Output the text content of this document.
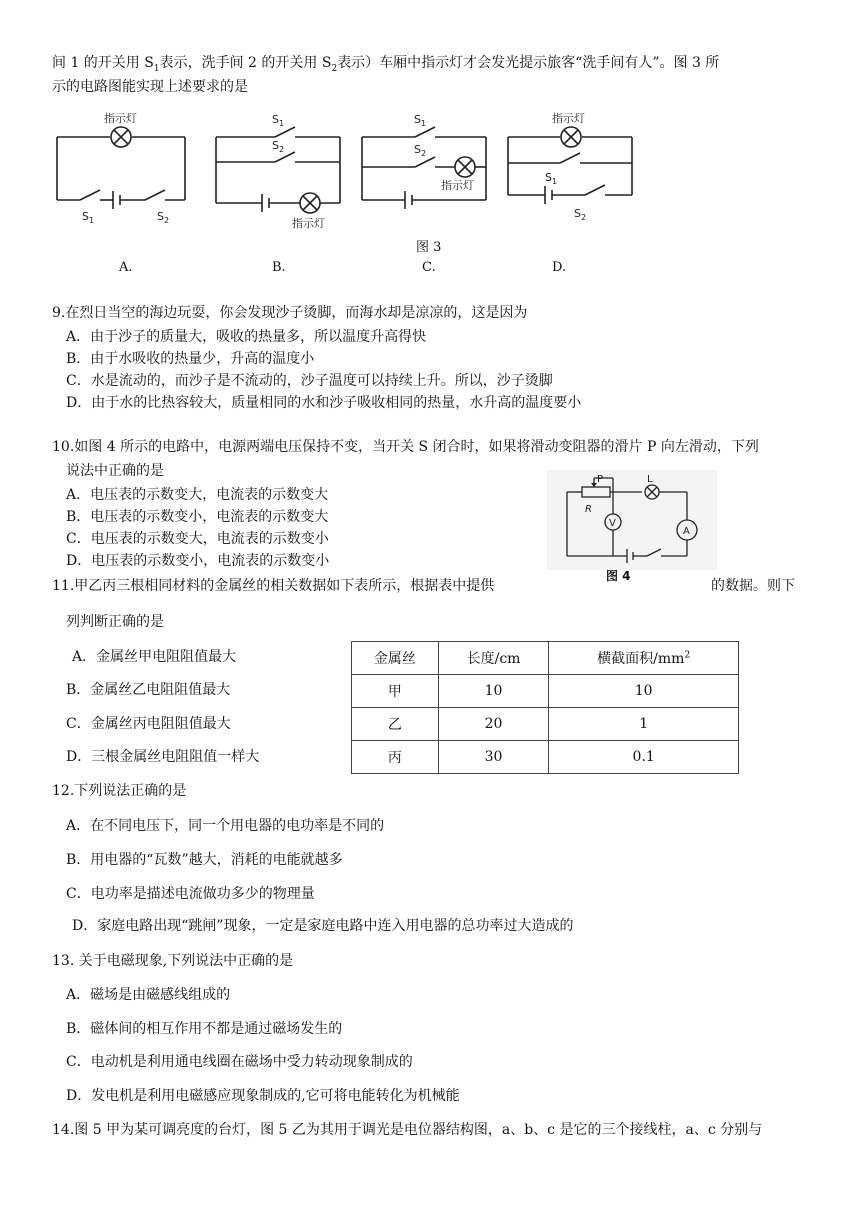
间 1 的开关用 $S_1$表示，洗手间 2 的开关用 $S_2$表示）车厢中指示灯才会发光提示旅客“洗手间有人”。图 3 所
示的电路图能实现上述要求的是
指示灯
$S_1$	$S_2$
$S_1$
$S_2$
指示灯
$S_1$
$S_2$
指示灯
指示灯
$S_1$
$S_2$
图 3
A.	B.	C.	D.
9.在烈日当空的海边玩耍，你会发现沙子烫脚，而海水却是凉凉的，这是因为
A．由于沙子的质量大，吸收的热量多，所以温度升高得快
B．由于水吸收的热量少，升高的温度小
C．水是流动的，而沙子是不流动的，沙子温度可以持续上升。所以，沙子烫脚
D．由于水的比热容较大，质量相同的水和沙子吸收相同的热量，水升高的温度要小
10.如图 4 所示的电路中，电源两端电压保持不变，当开关 S 闭合时，如果将滑动变阻器的滑片 P 向左滑动，下列
说法中正确的是
A．电压表的示数变大，电流表的示数变大
B．电压表的示数变小，电流表的示数变大
C．电压表的示数变大，电流表的示数变小
D．电压表的示数变小，电流表的示数变小
P
R
L
V
A
图 4
11.甲乙丙三根相同材料的金属丝的相关数据如下表所示，根据表中提供	的数据。则下
列判断正确的是
A．金属丝甲电阻阻值最大
B．金属丝乙电阻阻值最大
C．金属丝丙电阻阻值最大
D．三根金属丝电阻阻值一样大
金属丝	长度/cm	横截面积$/mm^2$
甲	10	10
乙	20	1
丙	30	0.1
12.下列说法正确的是
A．在不同电压下，同一个用电器的电功率是不同的
B．用电器的“瓦数”越大，消耗的电能就越多
C．电功率是描述电流做功多少的物理量
D．家庭电路出现“跳闸”现象，一定是家庭电路中连入用电器的总功率过大造成的
13. 关于电磁现象,下列说法中正确的是
A．磁场是由磁感线组成的
B．磁体间的相互作用不都是通过磁场发生的
C．电动机是利用通电线圈在磁场中受力转动现象制成的
D．发电机是利用电磁感应现象制成的,它可将电能转化为机械能
14.图 5 甲为某可调亮度的台灯，图 5 乙为其用于调光是电位器结构图，a、b、c 是它的三个接线柱，a、c 分别与
